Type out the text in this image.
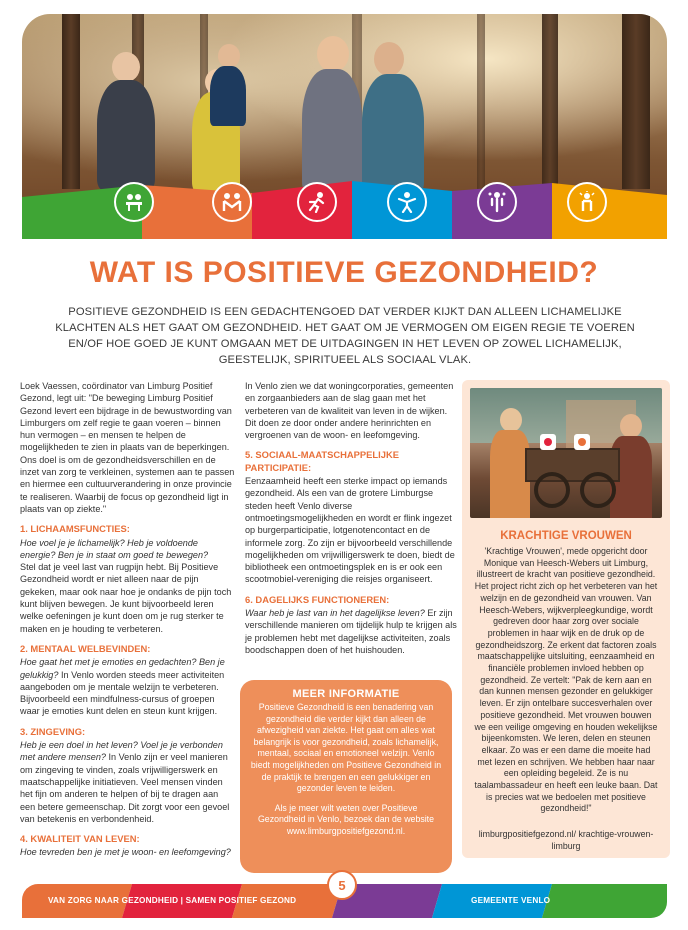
WAT IS POSITIEVE GEZONDHEID?
POSITIEVE GEZONDHEID IS EEN GEDACHTENGOED DAT VERDER KIJKT DAN ALLEEN LICHAMELIJKE KLACHTEN ALS HET GAAT OM GEZONDHEID. HET GAAT OM JE VERMOGEN OM EIGEN REGIE TE VOEREN EN/OF HOE GOED JE KUNT OMGAAN MET DE UITDAGINGEN IN HET LEVEN OP ZOWEL LICHAMELIJK, GEESTELIJK, SPIRITUEEL ALS SOCIAAL VLAK.

Loek Vaessen, coördinator van Limburg Positief Gezond, legt uit: "De beweging Limburg Positief Gezond levert een bijdrage in de bewustwording van Limburgers om zelf regie te gaan voeren – binnen hun vermogen – en mensen te helpen de mogelijkheden te zien in plaats van de beperkingen. Ons doel is om de gezondheidsverschillen en de inzet van zorg te verkleinen, systemen aan te passen en hiermee een cultuurverandering in onze provincie te realiseren. Waarbij de focus op gezondheid ligt in plaats van op ziekte."

1. LICHAAMSFUNCTIES:

Hoe voel je je lichamelijk? Heb je voldoende energie? Ben je in staat om goed te bewegen?

Stel dat je veel last van rugpijn hebt. Bij Positieve Gezondheid wordt er niet alleen naar de pijn gekeken, maar ook naar hoe je ondanks de pijn toch kunt blijven bewegen. Je kunt bijvoorbeeld leren welke oefeningen je kunt doen om je rug sterker te maken en je houding te verbeteren.

2. MENTAAL WELBEVINDEN:

Hoe gaat het met je emoties en gedachten? Ben je gelukkig? In Venlo worden steeds meer activiteiten aangeboden om je mentale welzijn te verbeteren. Bijvoorbeeld een mindfulness-cursus of groepen waar je emoties kunt delen en steun kunt krijgen.

3. ZINGEVING:

Heb je een doel in het leven? Voel je je verbonden met andere mensen? In Venlo zijn er veel manieren om zingeving te vinden, zoals vrijwilligerswerk en maatschappelijke initiatieven. Veel mensen vinden het fijn om anderen te helpen of bij te dragen aan een betere gemeenschap. Dit zorgt voor een gevoel van betekenis en verbondenheid.

4. KWALITEIT VAN LEVEN:

Hoe tevreden ben je met je woon- en leefomgeving?

In Venlo zien we dat woningcorporaties, gemeenten en zorgaanbieders aan de slag gaan met het verbeteren van de kwaliteit van leven in de wijken. Dit doen ze door onder andere herinrichten en vergroenen van de woon- en leefomgeving.

5. SOCIAAL-MAATSCHAPPELIJKE PARTICIPATIE:

Eenzaamheid heeft een sterke impact op iemands gezondheid. Als een van de grotere Limburgse steden heeft Venlo diverse ontmoetingsmogelijkheden en wordt er flink ingezet op burgerparticipatie, lotgenotencontact en de informele zorg. Zo zijn er bijvoorbeeld verschillende mogelijkheden om vrijwilligerswerk te doen, biedt de bibliotheek een ontmoetingsplek en is er ook een scootmobiel-vereniging die reisjes organiseert.

6. DAGELIJKS FUNCTIONEREN:

Waar heb je last van in het dagelijkse leven? Er zijn verschillende manieren om tijdelijk hulp te krijgen als je problemen hebt met dagelijkse activiteiten, zoals boodschappen doen of het huishouden.

MEER INFORMATIE
Positieve Gezondheid is een benadering van gezondheid die verder kijkt dan alleen de afwezigheid van ziekte. Het gaat om alles wat belangrijk is voor gezondheid, zoals lichamelijk, mentaal, sociaal en emotioneel welzijn. Venlo biedt mogelijkheden om Positieve Gezondheid in de praktijk te brengen en een gelukkiger en gezonder leven te leiden.
Als je meer wilt weten over Positieve Gezondheid in Venlo, bezoek dan de website www.limburgpositiefgezond.nl.
KRACHTIGE VROUWEN
'Krachtige Vrouwen', mede opgericht door Monique van Heesch-Webers uit Limburg, illustreert de kracht van positieve gezondheid. Het project richt zich op het verbeteren van het welzijn en de gezondheid van vrouwen. Van Heesch-Webers, wijkverpleegkundige, wordt gedreven door haar zorg over sociale problemen in haar wijk en de druk op de gezondheidszorg. Ze erkent dat factoren zoals maatschappelijke uitsluiting, eenzaamheid en financiële problemen invloed hebben op gezondheid. Ze vertelt: "Pak de kern aan en dan kunnen mensen gezonder en gelukkiger leven. Er zijn ontelbare succesverhalen over positieve gezondheid. Met vrouwen bouwen we een veilige omgeving en houden wekelijkse bijeenkomsten. We leren, delen en steunen elkaar. Zo was er een dame die moeite had met lezen en schrijven. We hebben haar naar een opleiding begeleid. Ze is nu taalambassadeur en heeft een leuke baan. Dat is precies wat we bedoelen met positieve gezondheid!"
limburgpositiefgezond.nl/ krachtige-vrouwen-limburg
VAN ZORG NAAR GEZONDHEID | SAMEN POSITIEF GEZOND	GEMEENTE VENLO
5
